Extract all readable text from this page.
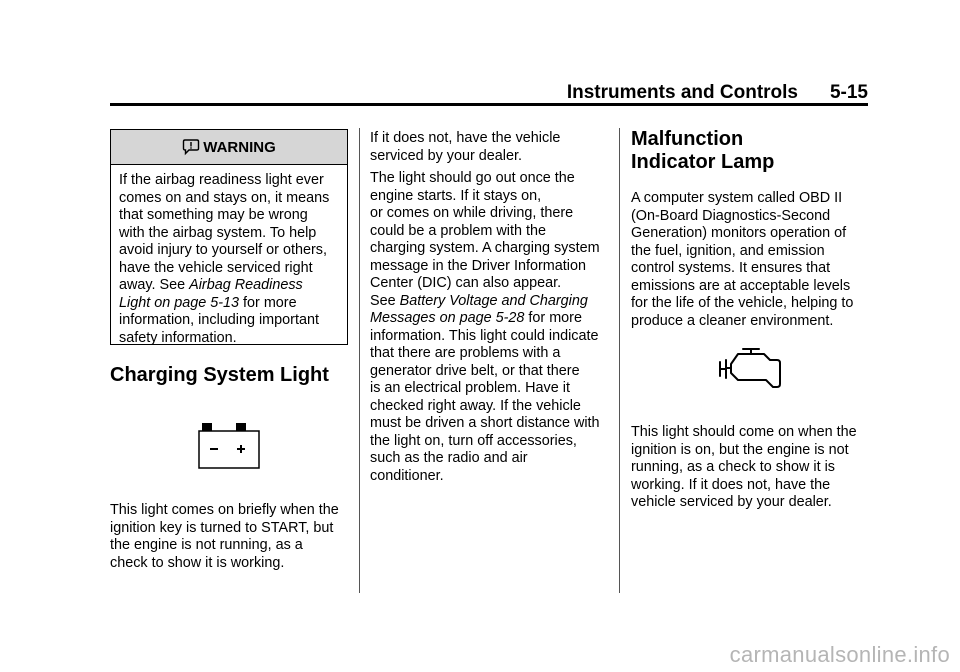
Instruments and Controls 5-15
WARNING
If the airbag readiness light ever
comes on and stays on, it means
that something may be wrong
with the airbag system. To help
avoid injury to yourself or others,
have the vehicle serviced right
away. See Airbag Readiness
Light on page 5-13 for more
information, including important
safety information.
Charging System Light
This light comes on briefly when the
ignition key is turned to START, but
the engine is not running, as a
check to show it is working.
If it does not, have the vehicle
serviced by your dealer.
The light should go out once the
engine starts. If it stays on,
or comes on while driving, there
could be a problem with the
charging system. A charging system
message in the Driver Information
Center (DIC) can also appear.
See Battery Voltage and Charging
Messages on page 5-28 for more
information. This light could indicate
that there are problems with a
generator drive belt, or that there
is an electrical problem. Have it
checked right away. If the vehicle
must be driven a short distance with
the light on, turn off accessories,
such as the radio and air
conditioner.
Malfunction
Indicator Lamp
A computer system called OBD II
(On-Board Diagnostics-Second
Generation) monitors operation of
the fuel, ignition, and emission
control systems. It ensures that
emissions are at acceptable levels
for the life of the vehicle, helping to
produce a cleaner environment.
This light should come on when the
ignition is on, but the engine is not
running, as a check to show it is
working. If it does not, have the
vehicle serviced by your dealer.
carmanualsonline.info
